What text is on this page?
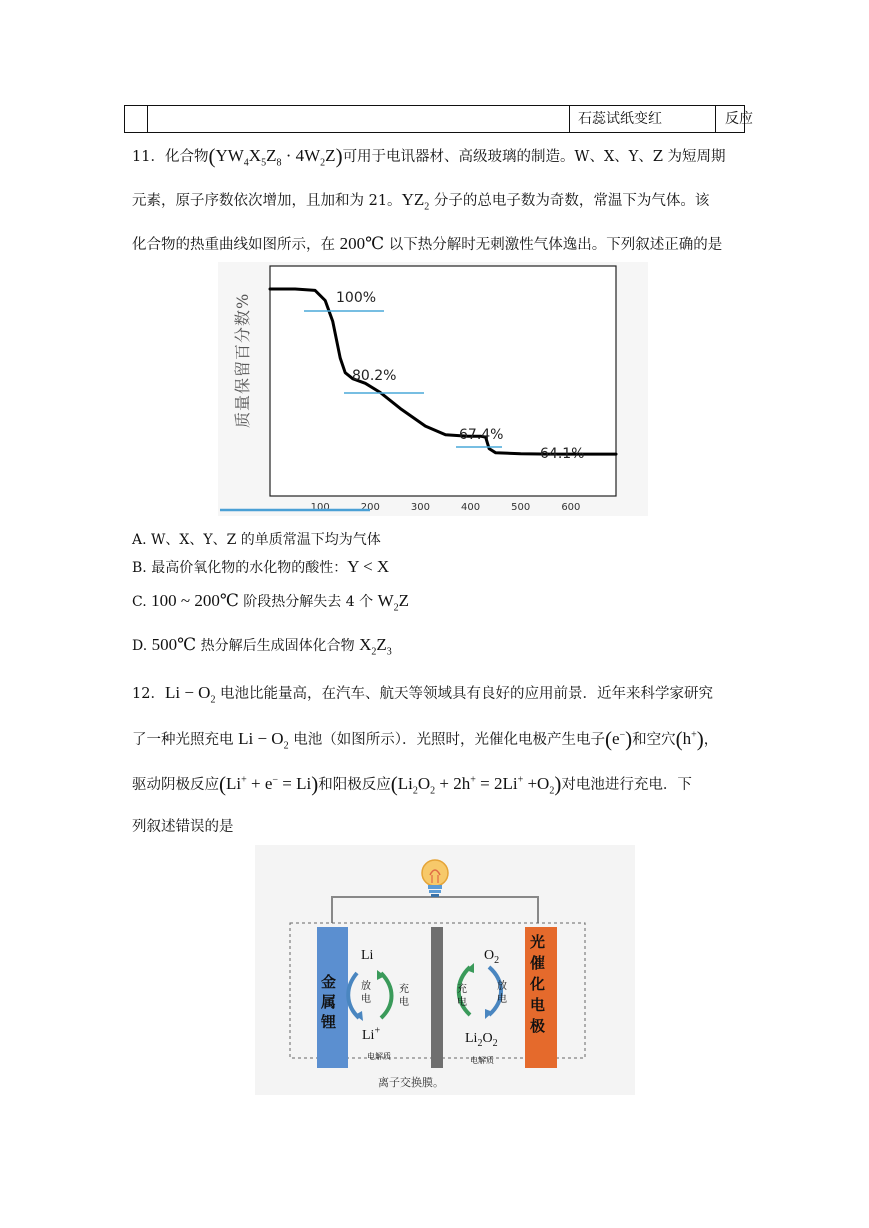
石蕊试纸变红	反应
11．化合物$(YW_4X_5Z_8 \cdot 4W_2Z)$可用于电讯器材、高级玻璃的制造。W、X、Y、Z 为短周期
元素，原子序数依次增加，且加和为 21。$YZ_2$ 分子的总电子数为奇数，常温下为气体。该
化合物的热重曲线如图所示，在 200℃ 以下热分解时无刺激性气体逸出。下列叙述正确的是
100	200	300	400	500	600
100%
80.2%
67.4%
64.1%
质量保留百分数%
A. W、X、Y、Z 的单质常温下均为气体
B. 最高价氧化物的水化物的酸性：Y < X
C. 100 ~ 200℃ 阶段热分解失去 4 个 $W_2Z$
D. 500℃ 热分解后生成固体化合物 $X_2Z_3$
12．$Li - O_2$ 电池比能量高，在汽车、航天等领域具有良好的应用前景．近年来科学家研究
了一种光照充电 $Li - O_2$ 电池（如图所示）．光照时，光催化电极产生电子(e−)和空穴(h+)，
驱动阴极反应(Li+ + e− = Li)和阳极反应$(Li_2O_2 + 2h^+ = 2Li^+ +O_2)$对电池进行充电．下
列叙述错误的是
金属锂
光催化电极
Li
Li+
放电
充电
$O_2$
放电
充电
$Li_2O_2$
电解质	电解质
离子交换膜。
